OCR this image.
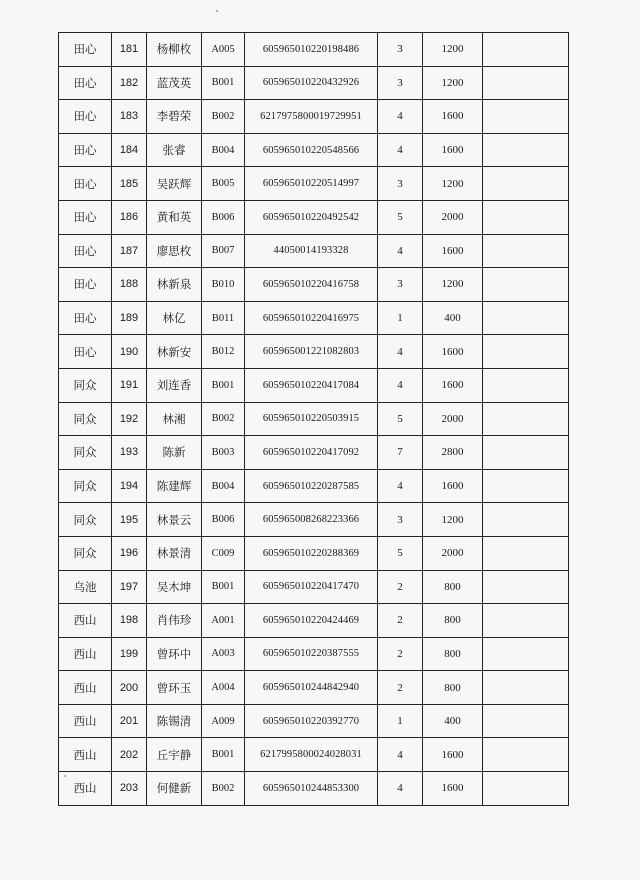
田心	181	杨柳枚	A005	605965010220198486	3	1200	
田心	182	蓝茂英	B001	605965010220432926	3	1200	
田心	183	李碧荣	B002	6217975800019729951	4	1600	
田心	184	张睿	B004	605965010220548566	4	1600	
田心	185	吴跃辉	B005	605965010220514997	3	1200	
田心	186	黄和英	B006	605965010220492542	5	2000	
田心	187	廖思枚	B007	44050014193328	4	1600	
田心	188	林新泉	B010	605965010220416758	3	1200	
田心	189	林亿	B011	605965010220416975	1	400	
田心	190	林新安	B012	605965001221082803	4	1600	
同众	191	刘连香	B001	605965010220417084	4	1600	
同众	192	林湘	B002	605965010220503915	5	2000	
同众	193	陈新	B003	605965010220417092	7	2800	
同众	194	陈建辉	B004	605965010220287585	4	1600	
同众	195	林景云	B006	605965008268223366	3	1200	
同众	196	林景清	C009	605965010220288369	5	2000	
乌池	197	吴木坤	B001	605965010220417470	2	800	
西山	198	肖伟珍	A001	605965010220424469	2	800	
西山	199	曾环中	A003	605965010220387555	2	800	
西山	200	曾环玉	A004	605965010244842940	2	800	
西山	201	陈锡清	A009	605965010220392770	1	400	
西山	202	丘宇静	B001	6217995800024028031	4	1600	
西山	203	何健新	B002	605965010244853300	4	1600	
